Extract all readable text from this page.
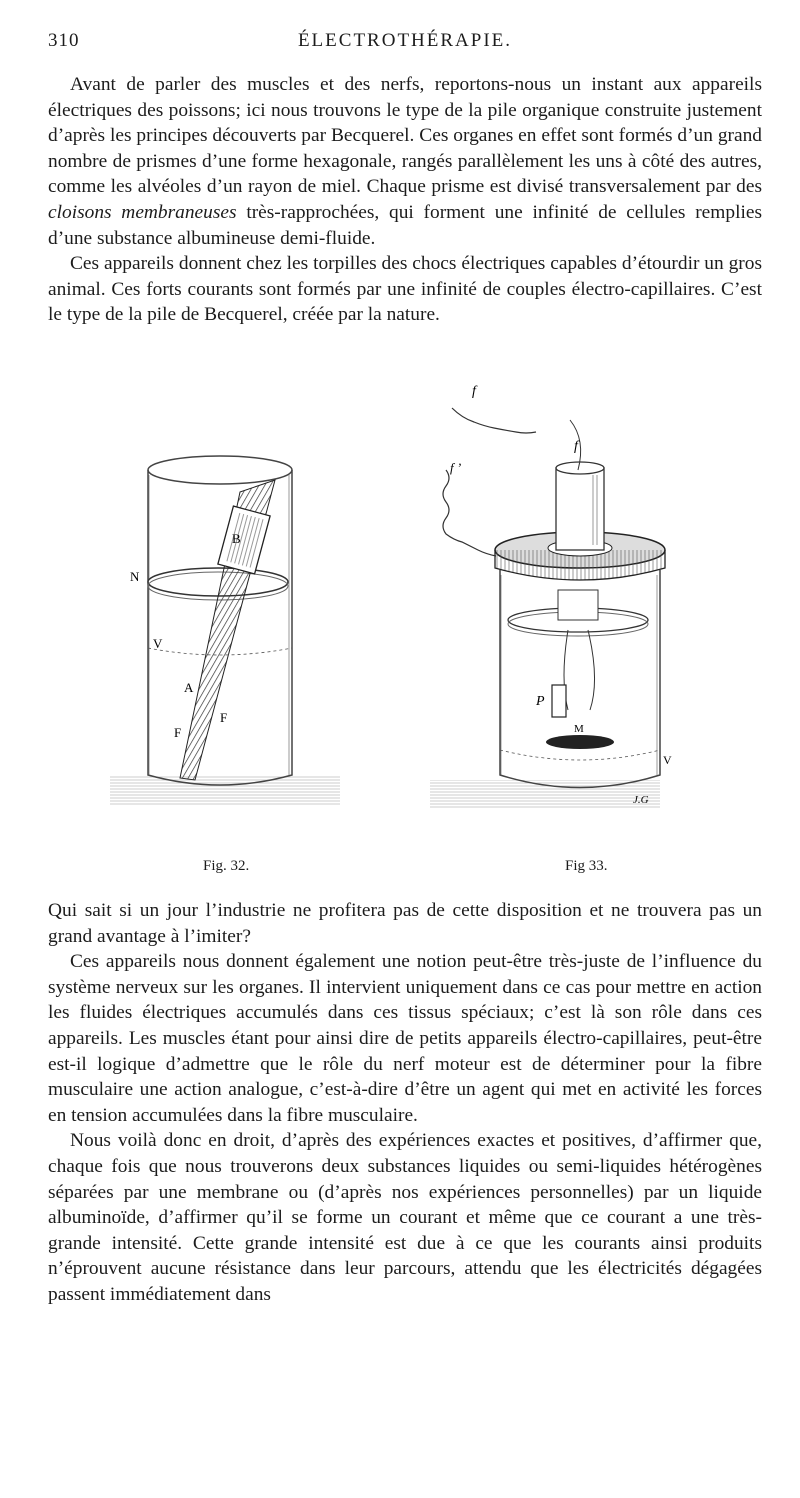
310	ÉLECTROTHÉRAPIE.

Avant de parler des muscles et des nerfs, reportons-nous un instant aux appareils électriques des poissons; ici nous trouvons le type de la pile organique construite justement d’après les principes découverts par Becquerel. Ces organes en effet sont formés d’un grand nombre de prismes d’une forme hexagonale, rangés parallèlement les uns à côté des autres, comme les alvéoles d’un rayon de miel. Chaque prisme est divisé transversalement par des cloisons membraneuses très-rapprochées, qui forment une infinité de cellules remplies d’une substance albumineuse demi-fluide.

Ces appareils donnent chez les torpilles des chocs électriques capables d’étourdir un gros animal. Ces forts courants sont formés par une infinité de couples électro-capillaires. C’est le type de la pile de Becquerel, créée par la nature.

B
N
V
A
F
F
f
f
f ’
P
M
V
J.G
Fig. 32.	Fig 33.

Qui sait si un jour l’industrie ne profitera pas de cette disposition et ne trouvera pas un grand avantage à l’imiter?

Ces appareils nous donnent également une notion peut-être très-juste de l’influence du système nerveux sur les organes. Il intervient uniquement dans ce cas pour mettre en action les fluides électriques accumulés dans ces tissus spéciaux; c’est là son rôle dans ces appareils. Les muscles étant pour ainsi dire de petits appareils électro-capillaires, peut-être est-il logique d’admettre que le rôle du nerf moteur est de déterminer pour la fibre musculaire une action analogue, c’est-à-dire d’être un agent qui met en activité les forces en tension accumulées dans la fibre musculaire.

Nous voilà donc en droit, d’après des expériences exactes et positives, d’affirmer que, chaque fois que nous trouverons deux substances liquides ou semi-liquides hétérogènes séparées par une membrane ou (d’après nos expériences personnelles) par un liquide albuminoïde, d’affirmer qu’il se forme un courant et même que ce courant a une très-grande intensité. Cette grande intensité est due à ce que les courants ainsi produits n’éprouvent aucune résistance dans leur parcours, attendu que les électricités dégagées passent immédiatement dans
